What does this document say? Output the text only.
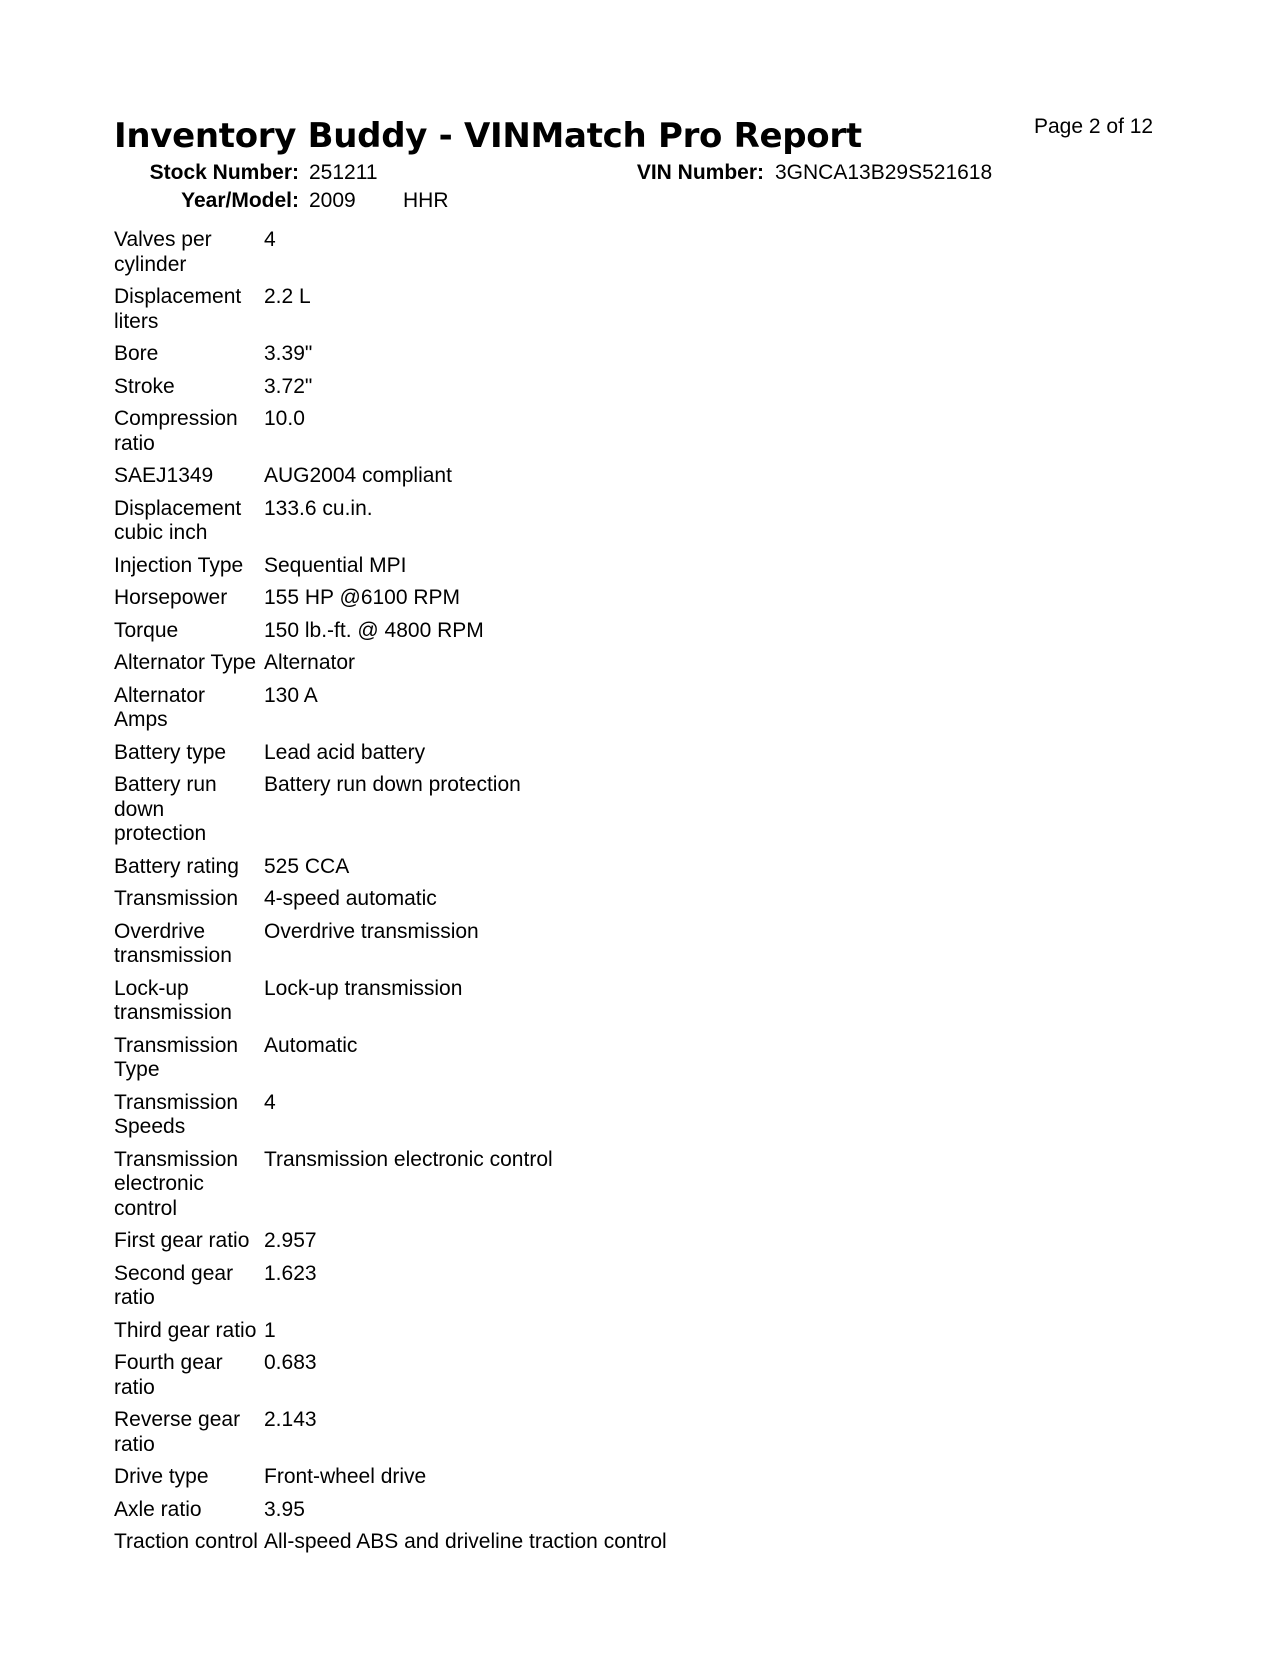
Inventory Buddy - VINMatch Pro Report	Page 2 of 12
Stock Number: 251211	VIN Number: 3GNCA13B29S521618
Year/Model: 2009 HHR
Valves per cylinder	4
Displacement liters	2.2 L
Bore	3.39"
Stroke	3.72"
Compression ratio	10.0
SAEJ1349	AUG2004 compliant
Displacement cubic inch	133.6 cu.in.
Injection Type	Sequential MPI
Horsepower	155 HP @6100 RPM
Torque	150 lb.-ft. @ 4800 RPM
Alternator Type	Alternator
Alternator Amps	130 A
Battery type	Lead acid battery
Battery run down protection	Battery run down protection
Battery rating	525 CCA
Transmission	4-speed automatic
Overdrive transmission	Overdrive transmission
Lock-up transmission	Lock-up transmission
Transmission Type	Automatic
Transmission Speeds	4
Transmission electronic control	Transmission electronic control
First gear ratio	2.957
Second gear ratio	1.623
Third gear ratio	1
Fourth gear ratio	0.683
Reverse gear ratio	2.143
Drive type	Front-wheel drive
Axle ratio	3.95
Traction control	All-speed ABS and driveline traction control
